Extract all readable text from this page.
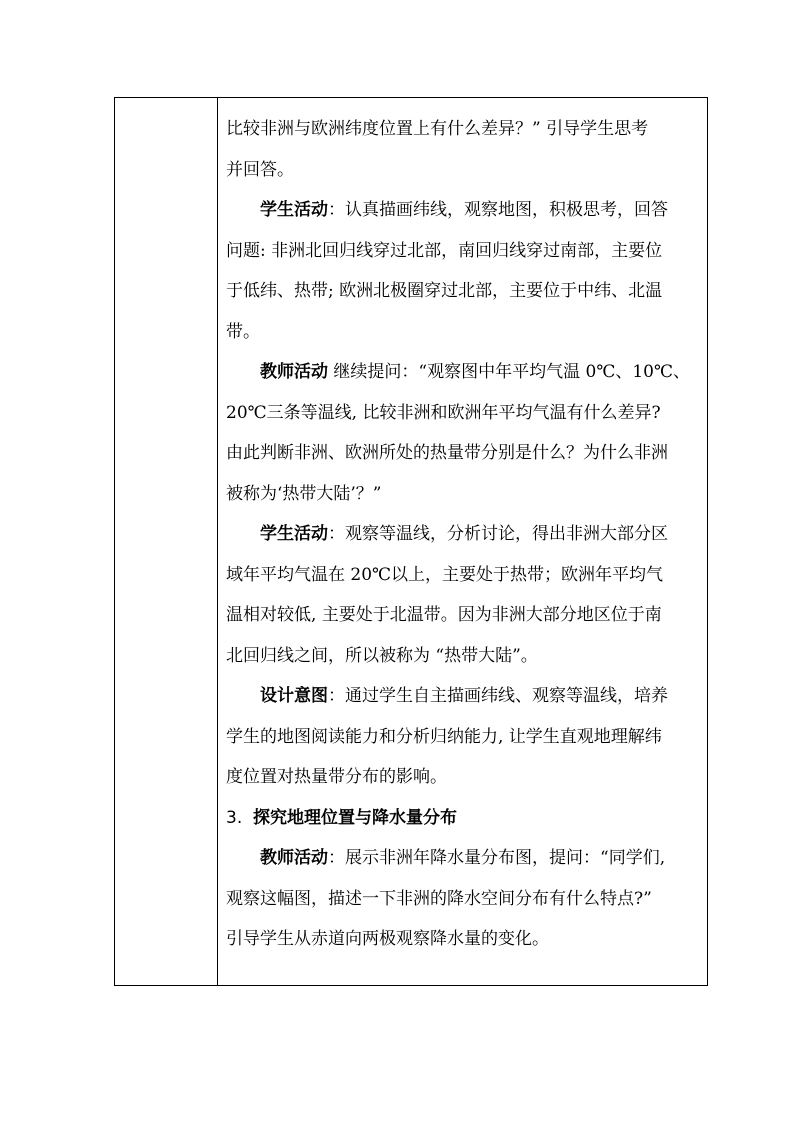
比较非洲与欧洲纬度位置上有什么差异？” 引导学生思考
并回答。

学生活动：认真描画纬线，观察地图，积极思考，回答
问题: 非洲北回归线穿过北部，南回归线穿过南部，主要位
于低纬、热带; 欧洲北极圈穿过北部，主要位于中纬、北温
带。

教师活动 继续提问：“观察图中年平均气温 0℃、10℃、
20℃三条等温线, 比较非洲和欧洲年平均气温有什么差异?
由此判断非洲、欧洲所处的热量带分别是什么？为什么非洲
被称为‘热带大陆’？”

学生活动：观察等温线，分析讨论，得出非洲大部分区
域年平均气温在 20℃以上，主要处于热带；欧洲年平均气
温相对较低, 主要处于北温带。因为非洲大部分地区位于南
北回归线之间，所以被称为 “热带大陆”。

设计意图：通过学生自主描画纬线、观察等温线，培养
学生的地图阅读能力和分析归纳能力, 让学生直观地理解纬
度位置对热量带分布的影响。

3. 探究地理位置与降水量分布

教师活动：展示非洲年降水量分布图，提问：“同学们,
观察这幅图，描述一下非洲的降水空间分布有什么特点?”
引导学生从赤道向两极观察降水量的变化。
